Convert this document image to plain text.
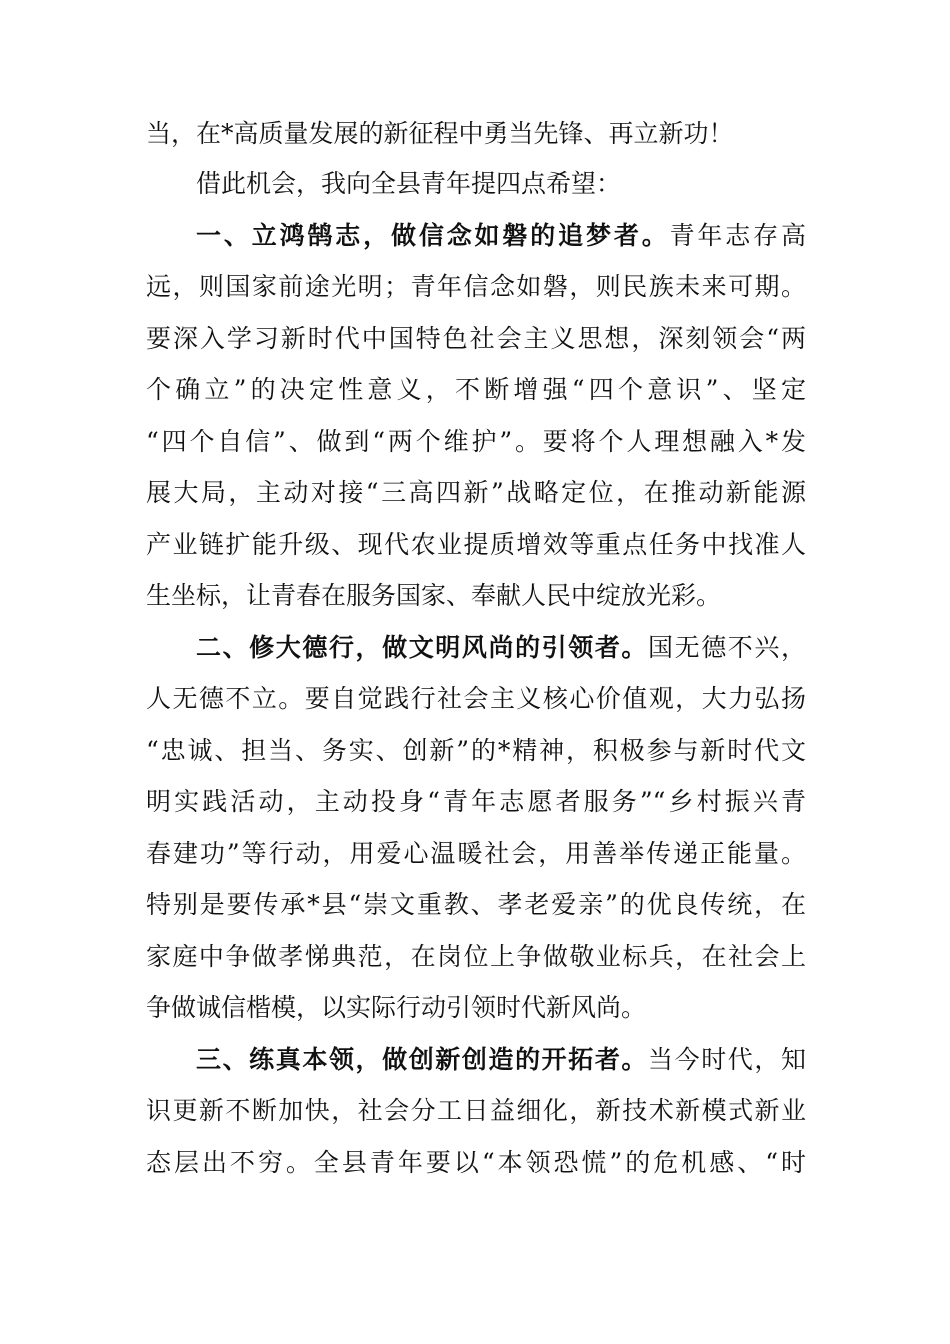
当，在*高质量发展的新征程中勇当先锋、再立新功！
借此机会，我向全县青年提四点希望：
一、立鸿鹄志，做信念如磐的追梦者。青年志存高
远，则国家前途光明；青年信念如磐，则民族未来可期。
要深入学习新时代中国特色社会主义思想，深刻领会“两
个确立”的决定性意义，不断增强“四个意识”、坚定
“四个自信”、做到“两个维护”。要将个人理想融入*发
展大局，主动对接“三高四新”战略定位，在推动新能源
产业链扩能升级、现代农业提质增效等重点任务中找准人
生坐标，让青春在服务国家、奉献人民中绽放光彩。
二、修大德行，做文明风尚的引领者。国无德不兴，
人无德不立。要自觉践行社会主义核心价值观，大力弘扬
“忠诚、担当、务实、创新”的*精神，积极参与新时代文
明实践活动，主动投身“青年志愿者服务”“乡村振兴青
春建功”等行动，用爱心温暖社会，用善举传递正能量。
特别是要传承*县“崇文重教、孝老爱亲”的优良传统，在
家庭中争做孝悌典范，在岗位上争做敬业标兵，在社会上
争做诚信楷模，以实际行动引领时代新风尚。
三、练真本领，做创新创造的开拓者。当今时代，知
识更新不断加快，社会分工日益细化，新技术新模式新业
态层出不穷。全县青年要以“本领恐慌”的危机感、“时
